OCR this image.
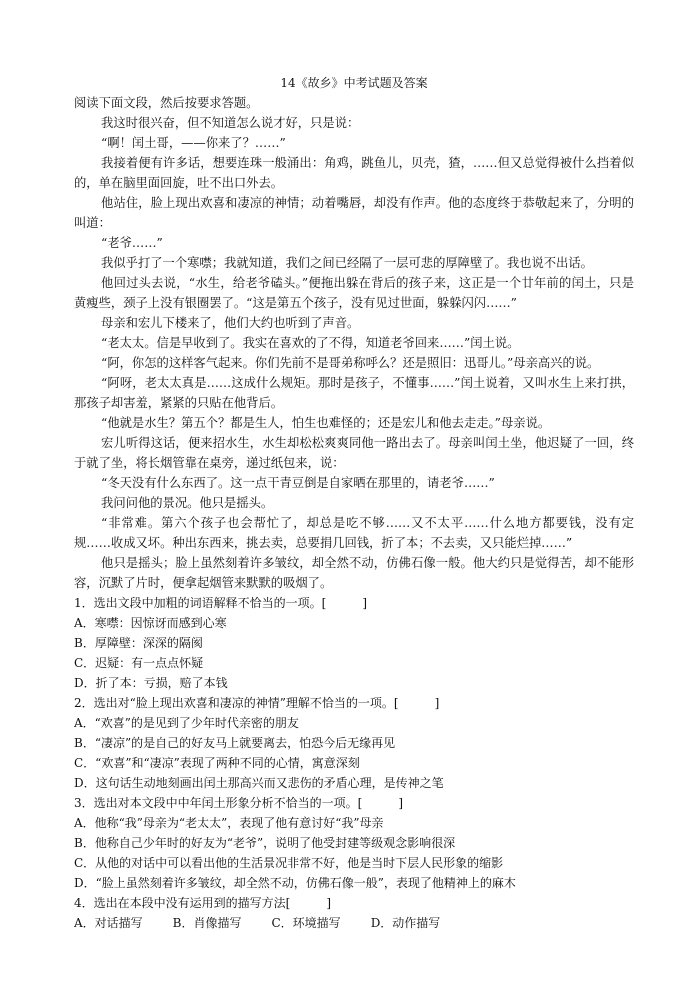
14《故乡》中考试题及答案

阅读下面文段，然后按要求答题。

我这时很兴奋，但不知道怎么说才好，只是说：

“啊！闰土哥，——你来了？……”

我接着便有许多话，想要连珠一般涌出：角鸡，跳鱼儿，贝壳，猹，……但又总觉得被什么挡着似的，单在脑里面回旋，吐不出口外去。

他站住，脸上现出欢喜和凄凉的神情；动着嘴唇，却没有作声。他的态度终于恭敬起来了，分明的叫道：

“老爷……”

我似乎打了一个寒噤；我就知道，我们之间已经隔了一层可悲的厚障壁了。我也说不出话。

他回过头去说，“水生，给老爷磕头。”便拖出躲在背后的孩子来，这正是一个廿年前的闰土，只是黄瘦些，颈子上没有银圈罢了。“这是第五个孩子，没有见过世面，躲躲闪闪……”

母亲和宏儿下楼来了，他们大约也听到了声音。

“老太太。信是早收到了。我实在喜欢的了不得，知道老爷回来……”闰土说。

“阿，你怎的这样客气起来。你们先前不是哥弟称呼么？还是照旧：迅哥儿。”母亲高兴的说。

“阿呀，老太太真是……这成什么规矩。那时是孩子，不懂事……”闰土说着，又叫水生上来打拱，那孩子却害羞，紧紧的只贴在他背后。

“他就是水生？第五个？都是生人，怕生也难怪的；还是宏儿和他去走走。”母亲说。

宏儿听得这话，便来招水生，水生却松松爽爽同他一路出去了。母亲叫闰土坐，他迟疑了一回，终于就了坐，将长烟管靠在桌旁，递过纸包来，说：

“冬天没有什么东西了。这一点干青豆倒是自家晒在那里的，请老爷……”

我问问他的景况。他只是摇头。

“非常难。第六个孩子也会帮忙了，却总是吃不够……又不太平……什么地方都要钱，没有定规……收成又坏。种出东西来，挑去卖，总要捐几回钱，折了本；不去卖，又只能烂掉……”

他只是摇头；脸上虽然刻着许多皱纹，却全然不动，仿佛石像一般。他大约只是觉得苦，却不能形容，沉默了片时，便拿起烟管来默默的吸烟了。

1．选出文段中加粗的词语解释不恰当的一项。[　　　]

A．寒噤：因惊讶而感到心寒

B．厚障壁：深深的隔阂

C．迟疑：有一点点怀疑

D．折了本：亏损，赔了本钱

2．选出对“脸上现出欢喜和凄凉的神情”理解不恰当的一项。[　　　]

A．“欢喜”的是见到了少年时代亲密的朋友

B．“凄凉”的是自己的好友马上就要离去，怕恐今后无缘再见

C．“欢喜”和“凄凉”表现了两种不同的心情，寓意深刻

D．这句话生动地刻画出闰土那高兴而又悲伤的矛盾心理，是传神之笔

3．选出对本文段中中年闰土形象分析不恰当的一项。[　　　]

A．他称“我”母亲为“老太太”，表现了他有意讨好“我”母亲

B．他称自己少年时的好友为“老爷”，说明了他受封建等级观念影响很深

C．从他的对话中可以看出他的生活景况非常不好，他是当时下层人民形象的缩影

D．“脸上虽然刻着许多皱纹，却全然不动，仿佛石像一般”，表现了他精神上的麻木

4．选出在本段中没有运用到的描写方法[　　　]

A．对话描写	B．肖像描写	C．环境描写	D．动作描写
